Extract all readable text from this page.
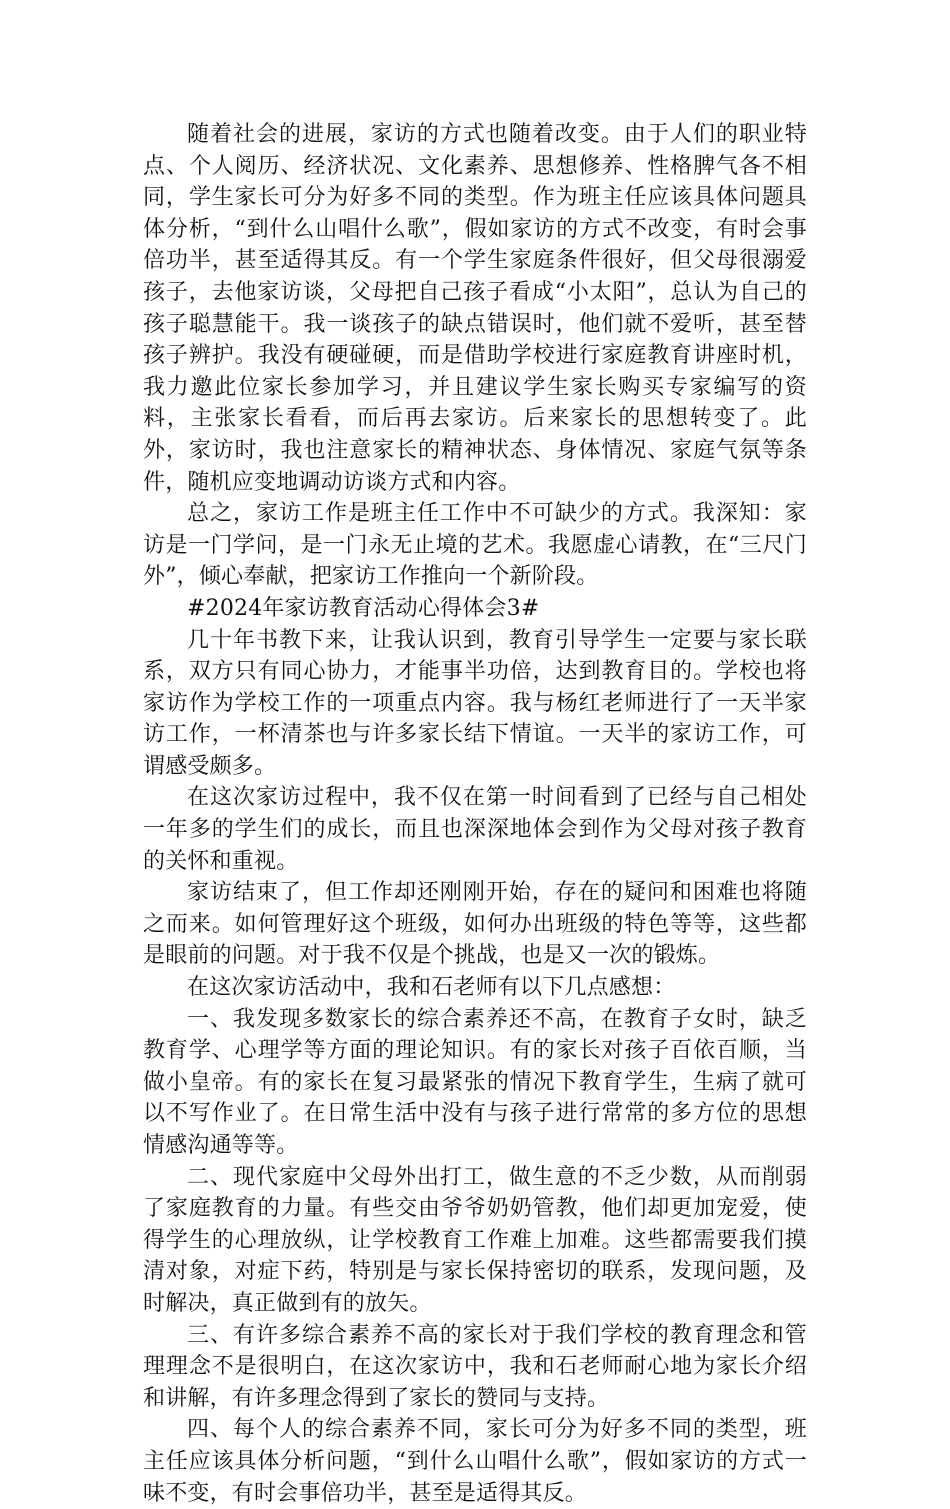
随着社会的进展，家访的方式也随着改变。由于人们的职业特点、个人阅历、经济状况、文化素养、思想修养、性格脾气各不相同，学生家长可分为好多不同的类型。作为班主任应该具体问题具体分析，“到什么山唱什么歌”，假如家访的方式不改变，有时会事倍功半，甚至适得其反。有一个学生家庭条件很好，但父母很溺爱孩子，去他家访谈，父母把自己孩子看成“小太阳”，总认为自己的孩子聪慧能干。我一谈孩子的缺点错误时，他们就不爱听，甚至替孩子辨护。我没有硬碰硬，而是借助学校进行家庭教育讲座时机，我力邀此位家长参加学习，并且建议学生家长购买专家编写的资料，主张家长看看，而后再去家访。后来家长的思想转变了。此外，家访时，我也注意家长的精神状态、身体情况、家庭气氛等条件，随机应变地调动访谈方式和内容。

总之，家访工作是班主任工作中不可缺少的方式。我深知：家访是一门学问，是一门永无止境的艺术。我愿虚心请教，在“三尺门外”，倾心奉献，把家访工作推向一个新阶段。

#2024年家访教育活动心得体会3#

几十年书教下来，让我认识到，教育引导学生一定要与家长联系，双方只有同心协力，才能事半功倍，达到教育目的。学校也将家访作为学校工作的一项重点内容。我与杨红老师进行了一天半家访工作，一杯清茶也与许多家长结下情谊。一天半的家访工作，可谓感受颇多。

在这次家访过程中，我不仅在第一时间看到了已经与自己相处一年多的学生们的成长，而且也深深地体会到作为父母对孩子教育的关怀和重视。

家访结束了，但工作却还刚刚开始，存在的疑问和困难也将随之而来。如何管理好这个班级，如何办出班级的特色等等，这些都是眼前的问题。对于我不仅是个挑战，也是又一次的锻炼。

在这次家访活动中，我和石老师有以下几点感想：

一、我发现多数家长的综合素养还不高，在教育子女时，缺乏教育学、心理学等方面的理论知识。有的家长对孩子百依百顺，当做小皇帝。有的家长在复习最紧张的情况下教育学生，生病了就可以不写作业了。在日常生活中没有与孩子进行常常的多方位的思想情感沟通等等。

二、现代家庭中父母外出打工，做生意的不乏少数，从而削弱了家庭教育的力量。有些交由爷爷奶奶管教，他们却更加宠爱，使得学生的心理放纵，让学校教育工作难上加难。这些都需要我们摸清对象，对症下药，特别是与家长保持密切的联系，发现问题，及时解决，真正做到有的放矢。

三、有许多综合素养不高的家长对于我们学校的教育理念和管理理念不是很明白，在这次家访中，我和石老师耐心地为家长介绍和讲解，有许多理念得到了家长的赞同与支持。

四、每个人的综合素养不同，家长可分为好多不同的类型，班主任应该具体分析问题，“到什么山唱什么歌”，假如家访的方式一味不变，有时会事倍功半，甚至是适得其反。
